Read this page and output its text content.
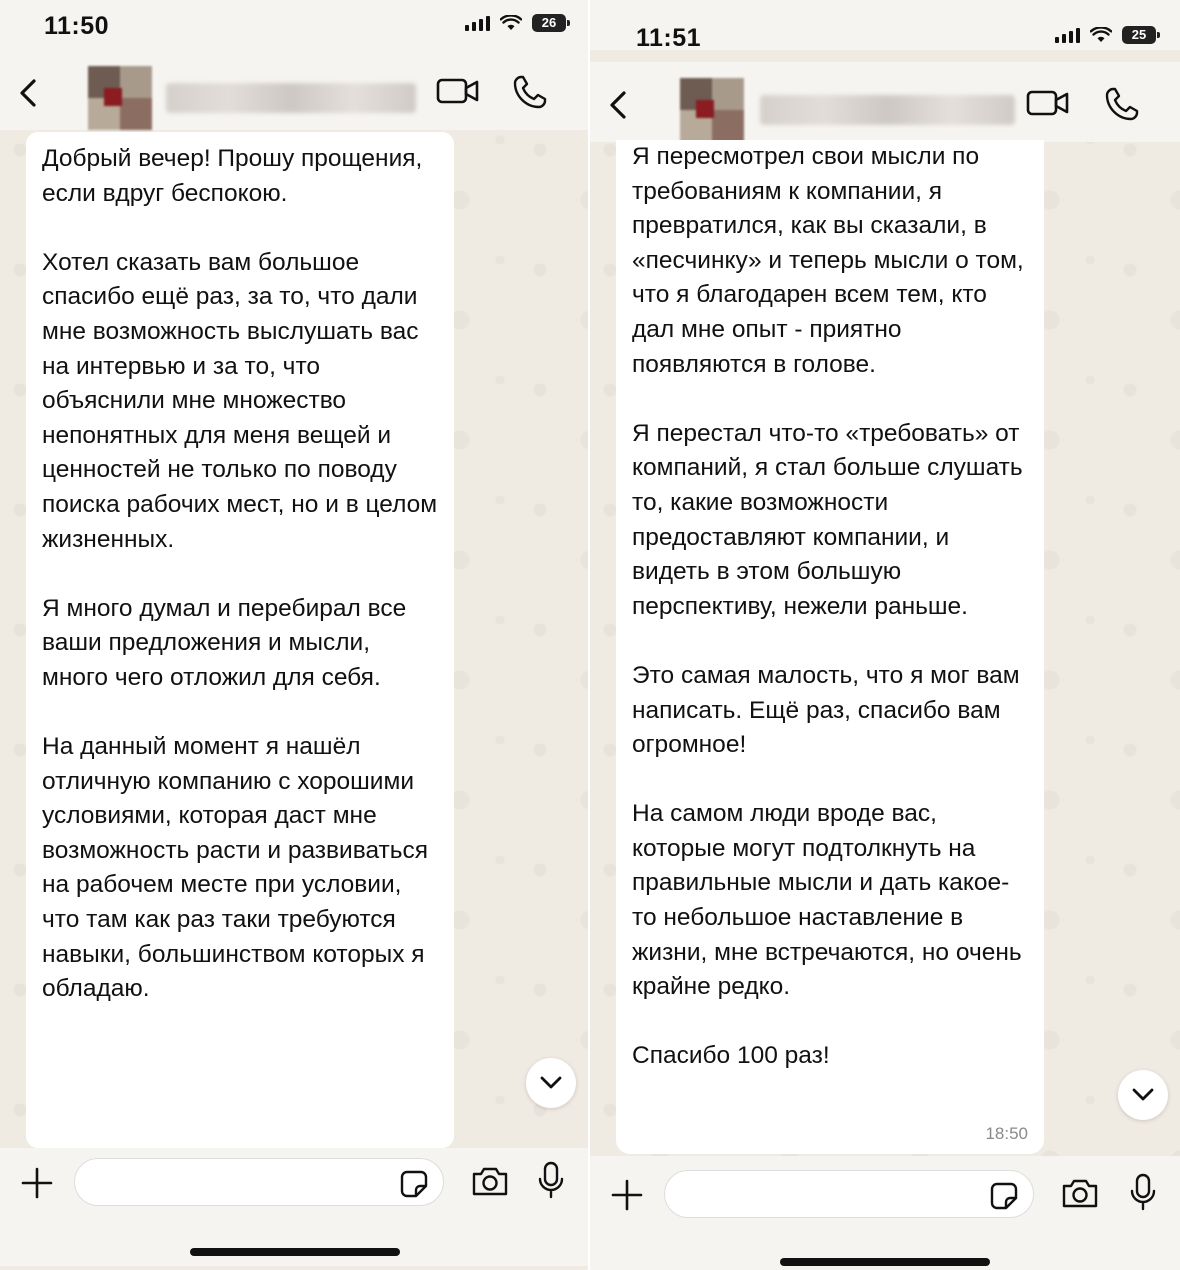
11:50	26

Добрый вечер! Прошу прощения, если вдруг беспокою.

Хотел сказать вам большое спасибо ещё раз, за то, что дали мне возможность выслушать вас на интервью и за то, что объяснили мне множество непонятных для меня вещей и ценностей не только по поводу поиска рабочих мест, но и в целом жизненных.

Я много думал и перебирал все ваши предложения и мысли, много чего отложил для себя.

На данный момент я нашёл отличную компанию с хорошими условиями, которая даст мне возможность расти и развиваться на рабочем месте при условии, что там как раз таки требуются навыки, большинством которых я обладаю.

11:51	25

Я пересмотрел свои мысли по требованиям к компании, я превратился, как вы сказали, в «песчинку» и теперь мысли о том, что я благодарен всем тем, кто дал мне опыт - приятно появляются в голове.

Я перестал что-то «требовать» от компаний, я стал больше слушать то, какие возможности предоставляют компании, и видеть в этом большую перспективу, нежели раньше.

Это самая малость, что я мог вам написать. Ещё раз, спасибо вам огромное!

На самом люди вроде вас, которые могут подтолкнуть на правильные мысли и дать какое-то небольшое наставление в жизни, мне встречаются, но очень крайне редко.

Спасибо 100 раз!

18:50
